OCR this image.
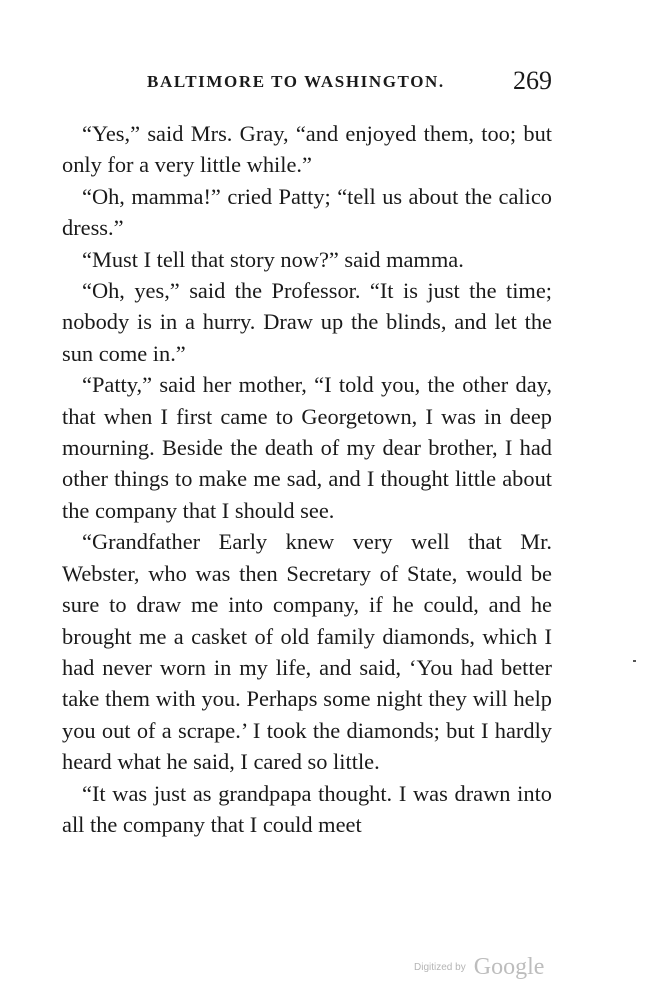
BALTIMORE TO WASHINGTON.	269

“Yes,” said Mrs. Gray, “and enjoyed them, too; but only for a very little while.”

“Oh, mamma!” cried Patty; “tell us about the calico dress.”

“Must I tell that story now?” said mamma.

“Oh, yes,” said the Professor. “It is just the time; nobody is in a hurry. Draw up the blinds, and let the sun come in.”

“Patty,” said her mother, “I told you, the other day, that when I first came to Georgetown, I was in deep mourning. Beside the death of my dear brother, I had other things to make me sad, and I thought little about the company that I should see.

“Grandfather Early knew very well that Mr. Webster, who was then Secretary of State, would be sure to draw me into company, if he could, and he brought me a casket of old family diamonds, which I had never worn in my life, and said, ‘You had better take them with you. Perhaps some night they will help you out of a scrape.’ I took the diamonds; but I hardly heard what he said, I cared so little.

“It was just as grandpapa thought. I was drawn into all the company that I could meet

$^{Digitized by}$ Google
